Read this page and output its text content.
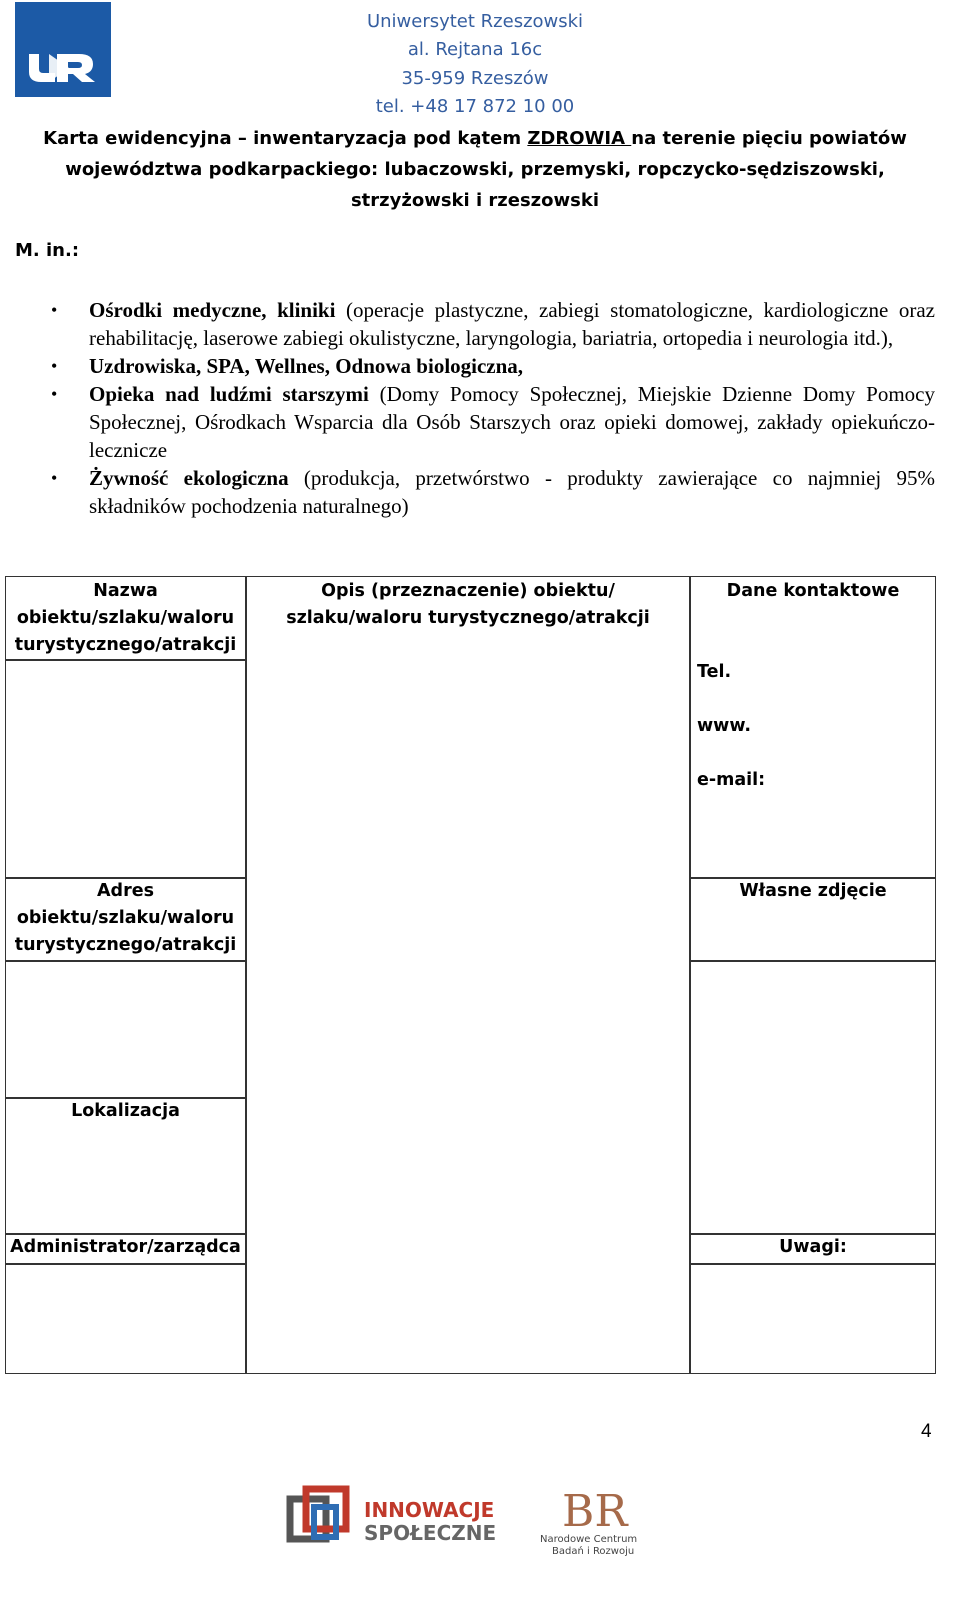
Uniwersytet Rzeszowski
al. Rejtana 16c
35-959 Rzeszów
tel. +48 17 872 10 00
Karta ewidencyjna – inwentaryzacja pod kątem ZDROWIA na terenie pięciu powiatów województwa podkarpackiego: lubaczowski, przemyski, ropczycko-sędziszowski, strzyżowski i rzeszowski
M. in.:
• Ośrodki medyczne, kliniki (operacje plastyczne, zabiegi stomatologiczne, kardiologiczne oraz rehabilitację, laserowe zabiegi okulistyczne, laryngologia, bariatria, ortopedia i neurologia itd.),
• Uzdrowiska, SPA, Wellnes, Odnowa biologiczna,
• Opieka nad ludźmi starszymi (Domy Pomocy Społecznej, Miejskie Dzienne Domy Pomocy Społecznej, Ośrodkach Wsparcia dla Osób Starszych oraz opieki domowej, zakłady opiekuńczo-lecznicze
• Żywność ekologiczna (produkcja, przetwórstwo - produkty zawierające co najmniej 95% składników pochodzenia naturalnego)
Nazwa obiektu/szlaku/waloru turystycznego/atrakcji
Opis (przeznaczenie) obiektu/ szlaku/waloru turystycznego/atrakcji
Dane kontaktowe
Adres obiektu/szlaku/waloru turystycznego/atrakcji
Własne zdjęcie
Lokalizacja
Administrator/zarządca	Uwagi:
Tel.
www.
e-mail:
4
INNOWACJE
SPOŁECZNE BR
Narodowe Centrum
Badań i Rozwoju
